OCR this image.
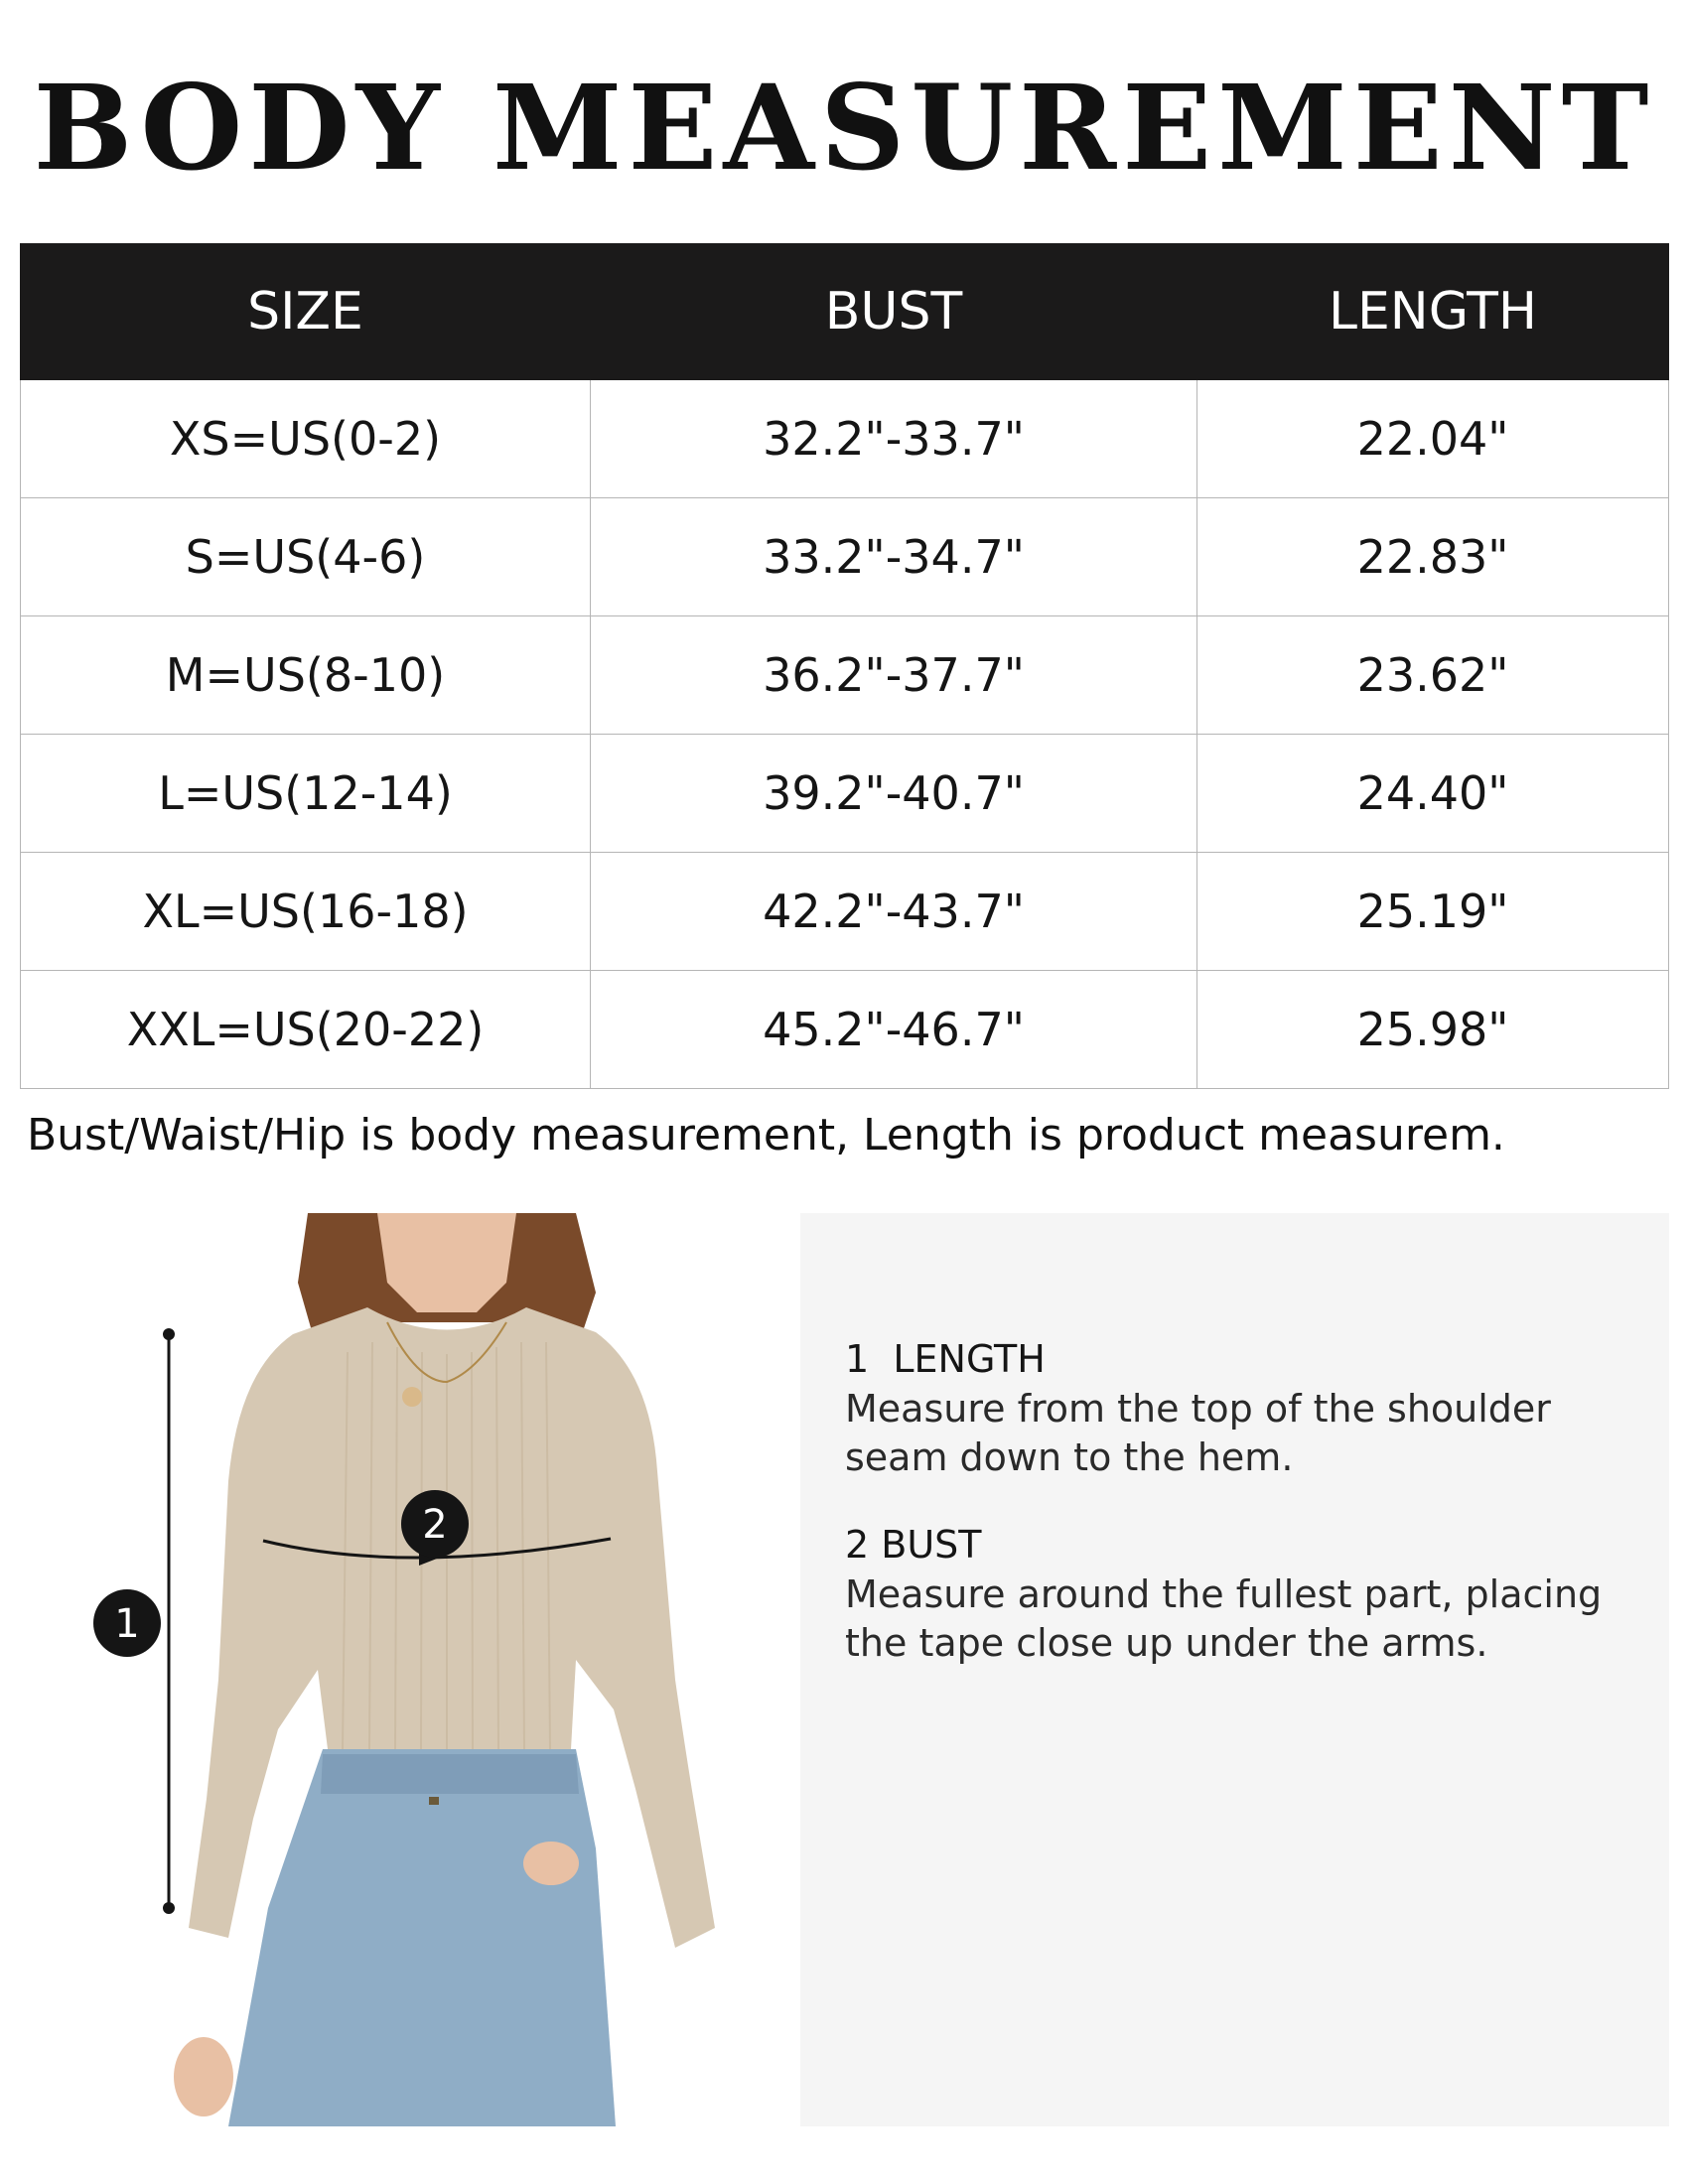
BODY MEASUREMENT
SIZE	BUST	LENGTH
XS=US(0-2)	32.2"-33.7"	22.04"
S=US(4-6)	33.2"-34.7"	22.83"
M=US(8-10)	36.2"-37.7"	23.62"
L=US(12-14)	39.2"-40.7"	24.40"
XL=US(16-18)	42.2"-43.7"	25.19"
XXL=US(20-22)	45.2"-46.7"	25.98"
Bust/Waist/Hip is body measurement, Length is product measurem.
1
2
1 LENGTH
Measure from the top of the shoulder seam down to the hem.
2 BUST
Measure around the fullest part, placing the tape close up under the arms.
